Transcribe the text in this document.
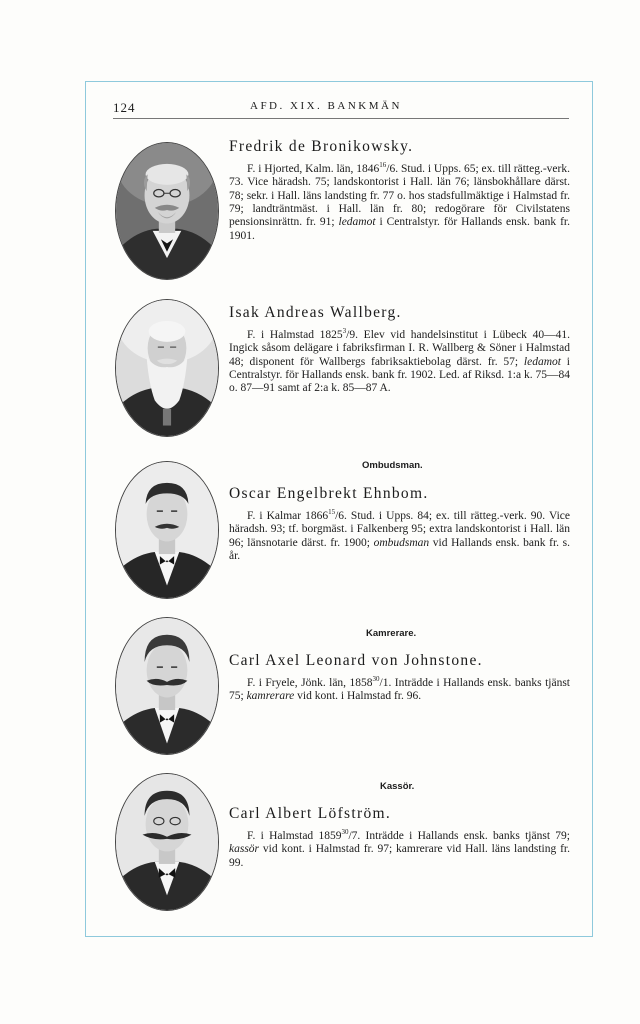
124	AFD. XIX. BANKMÄN
Fredrik de Bronikowsky.

F. i Hjorted, Kalm. län, 1846$^{16}$/6. Stud. i Upps. 65; ex. till rätteg.-verk. 73. Vice häradsh. 75; landskontorist i Hall. län 76; länsbokhållare därst. 78; sekr. i Hall. läns landsting fr. 77 o. hos stadsfullmäktige i Halmstad fr. 79; landträntmäst. i Hall. län fr. 80; redogörare för Civilstatens pensionsinrättn. fr. 91; ledamot i Centralstyr. för Hallands ensk. bank fr. 1901.

Isak Andreas Wallberg.

F. i Halmstad 1825$^3$/9. Elev vid handelsinstitut i Lübeck 40—41. Ingick såsom delägare i fabriksfirman I. R. Wallberg & Söner i Halmstad 48; disponent för Wallbergs fabriksaktiebolag därst. fr. 57; ledamot i Centralstyr. för Hallands ensk. bank fr. 1902. Led. af Riksd. 1:a k. 75—84 o. 87—91 samt af 2:a k. 85—87 A.

Ombudsman.
Oscar Engelbrekt Ehnbom.

F. i Kalmar 1866$^{15}$/6. Stud. i Upps. 84; ex. till rätteg.-verk. 90. Vice häradsh. 93; tf. borgmäst. i Falkenberg 95; extra landskontorist i Hall. län 96; länsnotarie därst. fr. 1900; ombudsman vid Hallands ensk. bank fr. s. år.

Kamrerare.
Carl Axel Leonard von Johnstone.

F. i Fryele, Jönk. län, 1858$^{30}$/1. Inträdde i Hallands ensk. banks tjänst 75; kamrerare vid kont. i Halmstad fr. 96.

Kassör.
Carl Albert Löfström.

F. i Halmstad 1859$^{30}$/7. Inträdde i Hallands ensk. banks tjänst 79; kassör vid kont. i Halmstad fr. 97; kamrerare vid Hall. läns landsting fr. 99.
